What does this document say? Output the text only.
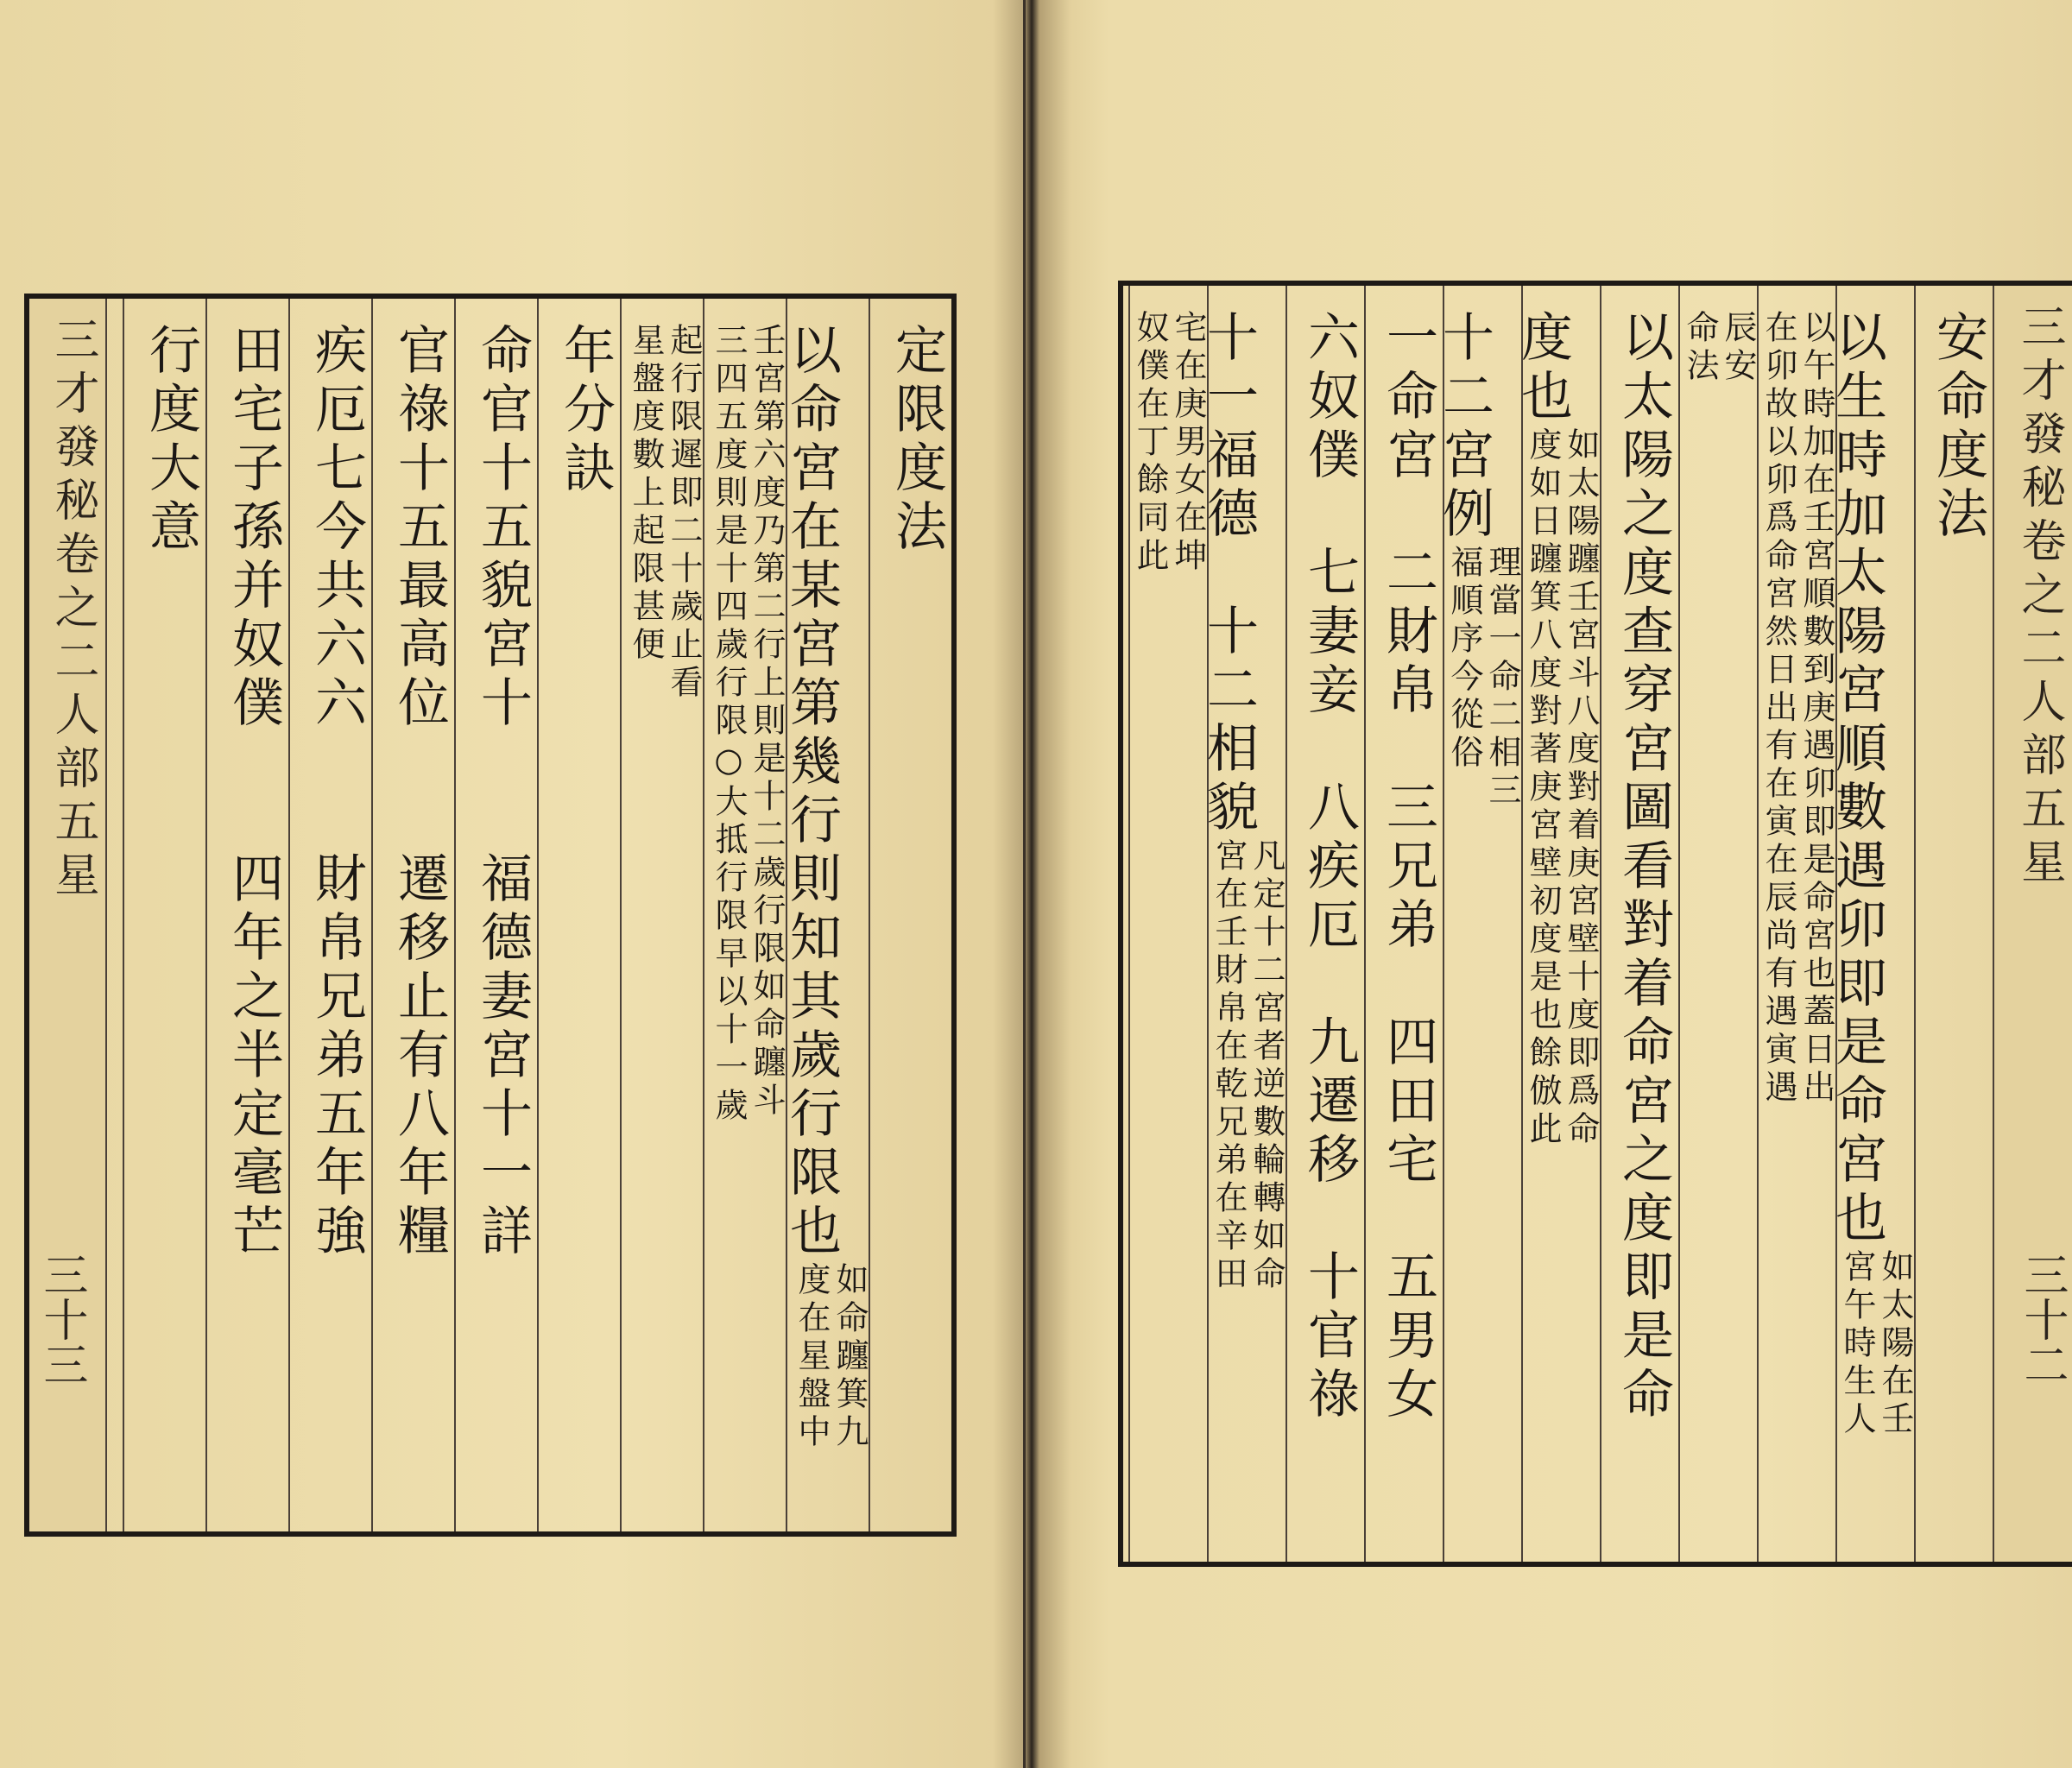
三才發秘卷之二人部五星	定限度法
以命宮在某宮第幾行則知其歲行限也
如命躔箕九
度在星盤中
壬宮第六度乃第二行上則是十二歲行限如命躔斗
三四五度則是十四歲行限○大抵行限早以十一歲
起行限遲即二十歲止看
星盤度數上起限甚便
年分訣
命官十五貌宮十　　福德妻宮十一詳
官祿十五最高位　　遷移止有八年糧
疾厄七今共六六　　財帛兄弟五年強
田宅子孫并奴僕　　四年之半定毫芒
行度大意
三十三
三才發秘卷之二人部五星
安命度法
以生時加太陽宮順數遇卯即是命宮也
如太陽在壬
宮午時生人
以午時加在壬宮順數到庚遇卯即是命宮也蓋日出
在卯故以卯爲命宮然日出有在寅在辰尚有遇寅遇
辰安
命法
以太陽之度查穿宮圖看對着命宮之度即是命
度也
如太陽躔壬宮斗八度對着庚宮壁十度即爲命
度如日躔箕八度對著庚宮壁初度是也餘倣此
十二宮例
理當一命二相三
福順序今從俗
一命宮　二財帛　三兄弟　四田宅　五男女
六奴僕　七妻妾　八疾厄　九遷移　十官祿
十一福德　十二相貌
凡定十二宮者逆數輪轉如命
宮在壬財帛在乾兄弟在辛田
宅在庚男女在坤
奴僕在丁餘同此
三十二
